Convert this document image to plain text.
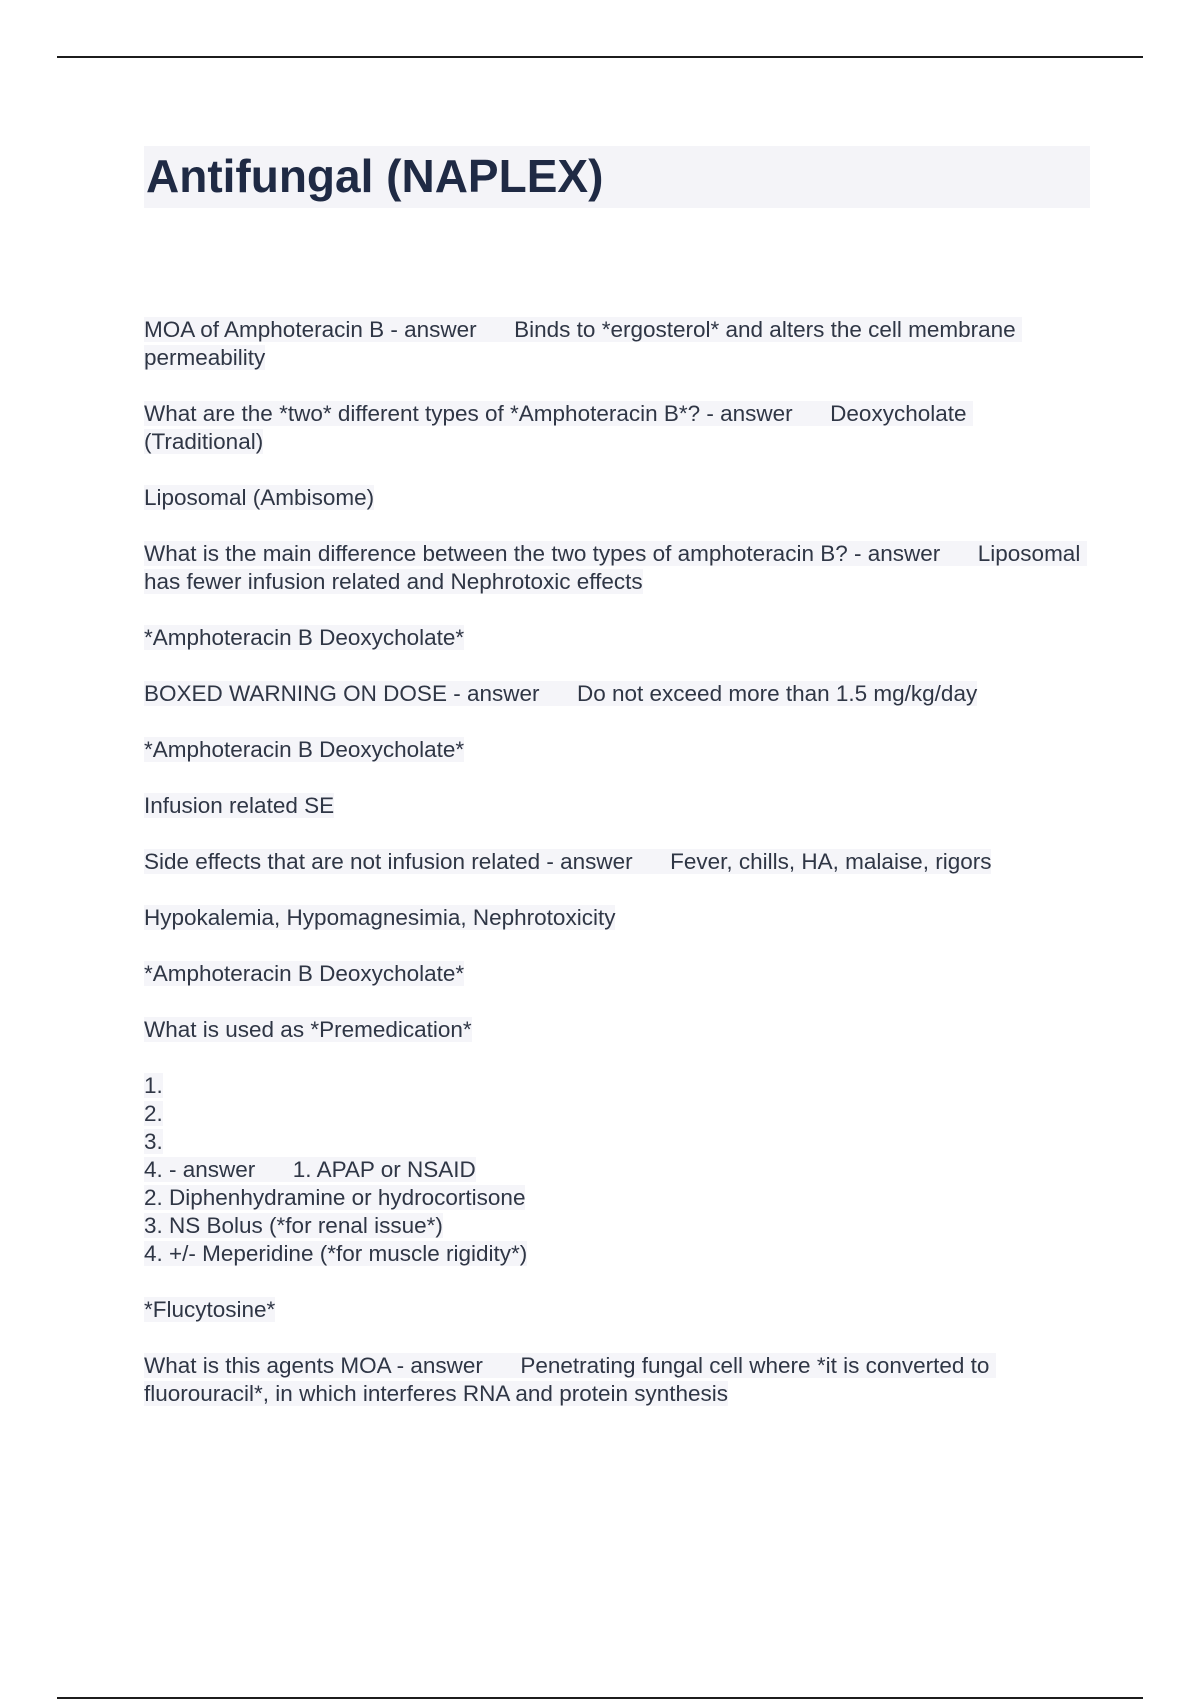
Antifungal (NAPLEX)

MOA of Amphoteracin B - answer      Binds to *ergosterol* and alters the cell membrane permeability

What are the *two* different types of *Amphoteracin B*? - answer      Deoxycholate (Traditional)

Liposomal (Ambisome)

What is the main difference between the two types of amphoteracin B? - answer      Liposomal has fewer infusion related and Nephrotoxic effects

*Amphoteracin B Deoxycholate*

BOXED WARNING ON DOSE - answer      Do not exceed more than 1.5 mg/kg/day

*Amphoteracin B Deoxycholate*

Infusion related SE

Side effects that are not infusion related - answer      Fever, chills, HA, malaise, rigors

Hypokalemia, Hypomagnesimia, Nephrotoxicity

*Amphoteracin B Deoxycholate*

What is used as *Premedication*

1.
2.
3.
4. - answer      1. APAP or NSAID
2. Diphenhydramine or hydrocortisone
3. NS Bolus (*for renal issue*)
4. +/- Meperidine (*for muscle rigidity*)

*Flucytosine*

What is this agents MOA - answer      Penetrating fungal cell where *it is converted to fluorouracil*, in which interferes RNA and protein synthesis
